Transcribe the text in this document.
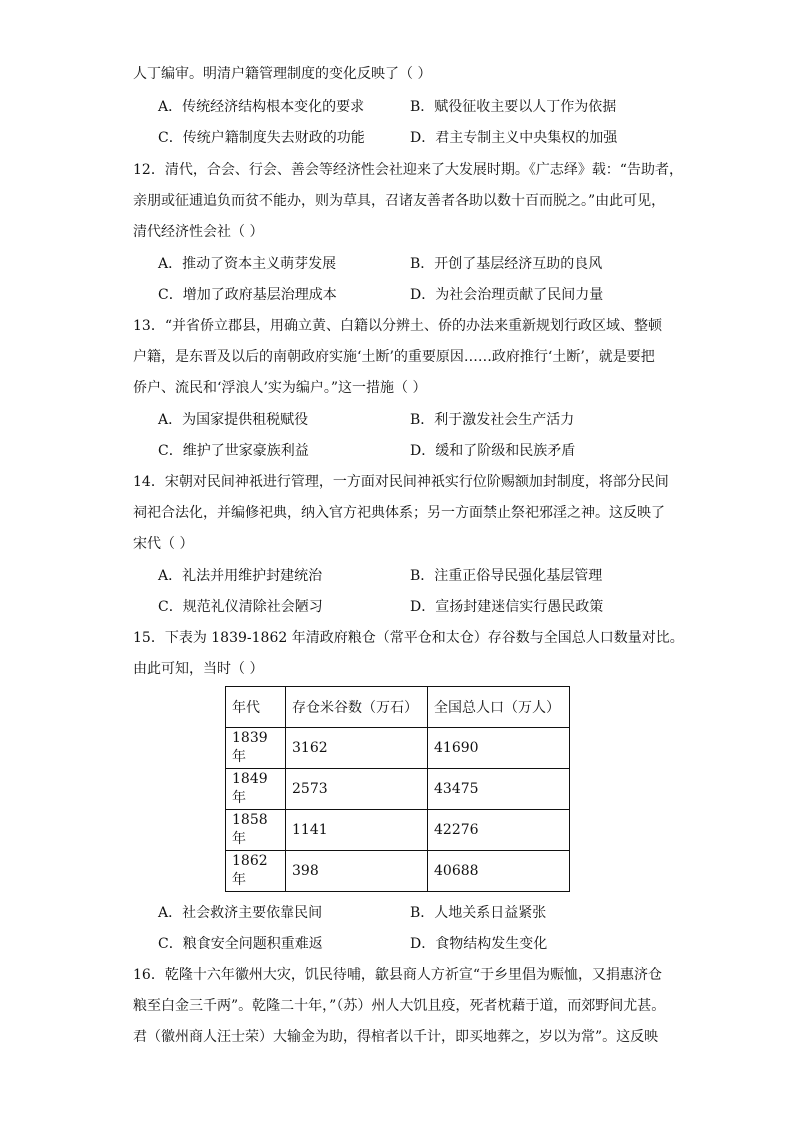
人丁编审。明清户籍管理制度的变化反映了（ ）
A．传统经济结构根本变化的要求	B．赋役征收主要以人丁作为依据
C．传统户籍制度失去财政的功能	D．君主专制主义中央集权的加强
12．清代，合会、行会、善会等经济性会社迎来了大发展时期。《广志绎》载：“告助者，
亲朋或征逋追负而贫不能办，则为草具，召诸友善者各助以数十百而脱之。”由此可见，
清代经济性会社（ ）
A．推动了资本主义萌芽发展	B．开创了基层经济互助的良风
C．增加了政府基层治理成本	D．为社会治理贡献了民间力量
13．“并省侨立郡县，用确立黄、白籍以分辨土、侨的办法来重新规划行政区域、整顿
户籍，是东晋及以后的南朝政府实施‘土断’的重要原因……政府推行‘土断’，就是要把
侨户、流民和‘浮浪人’实为编户。”这一措施（ ）
A．为国家提供租税赋役	B．利于激发社会生产活力
C．维护了世家豪族利益	D．缓和了阶级和民族矛盾
14．宋朝对民间神祇进行管理，一方面对民间神祇实行位阶赐额加封制度，将部分民间
祠祀合法化，并编修祀典，纳入官方祀典体系；另一方面禁止祭祀邪淫之神。这反映了
宋代（ ）
A．礼法并用维护封建统治	B．注重正俗导民强化基层管理
C．规范礼仪清除社会陋习	D．宣扬封建迷信实行愚民政策
15．下表为 1839-1862 年清政府粮仓（常平仓和太仓）存谷数与全国总人口数量对比。
由此可知，当时（ ）
年代	存仓米谷数（万石）	全国总人口（万人）
1839 年	3162	41690
1849 年	2573	43475
1858 年	1141	42276
1862 年	398	40688
A．社会救济主要依靠民间	B．人地关系日益紧张
C．粮食安全问题积重难返	D．食物结构发生变化
16．乾隆十六年徽州大灾，饥民待哺，歙县商人方祈宣“于乡里倡为赈恤，又捐惠济仓
粮至白金三千两”。乾隆二十年，”（苏）州人大饥且疫，死者枕藉于道，而郊野间尤甚。
君（徽州商人汪士荣）大输金为助，得棺者以千计，即买地葬之，岁以为常”。这反映
